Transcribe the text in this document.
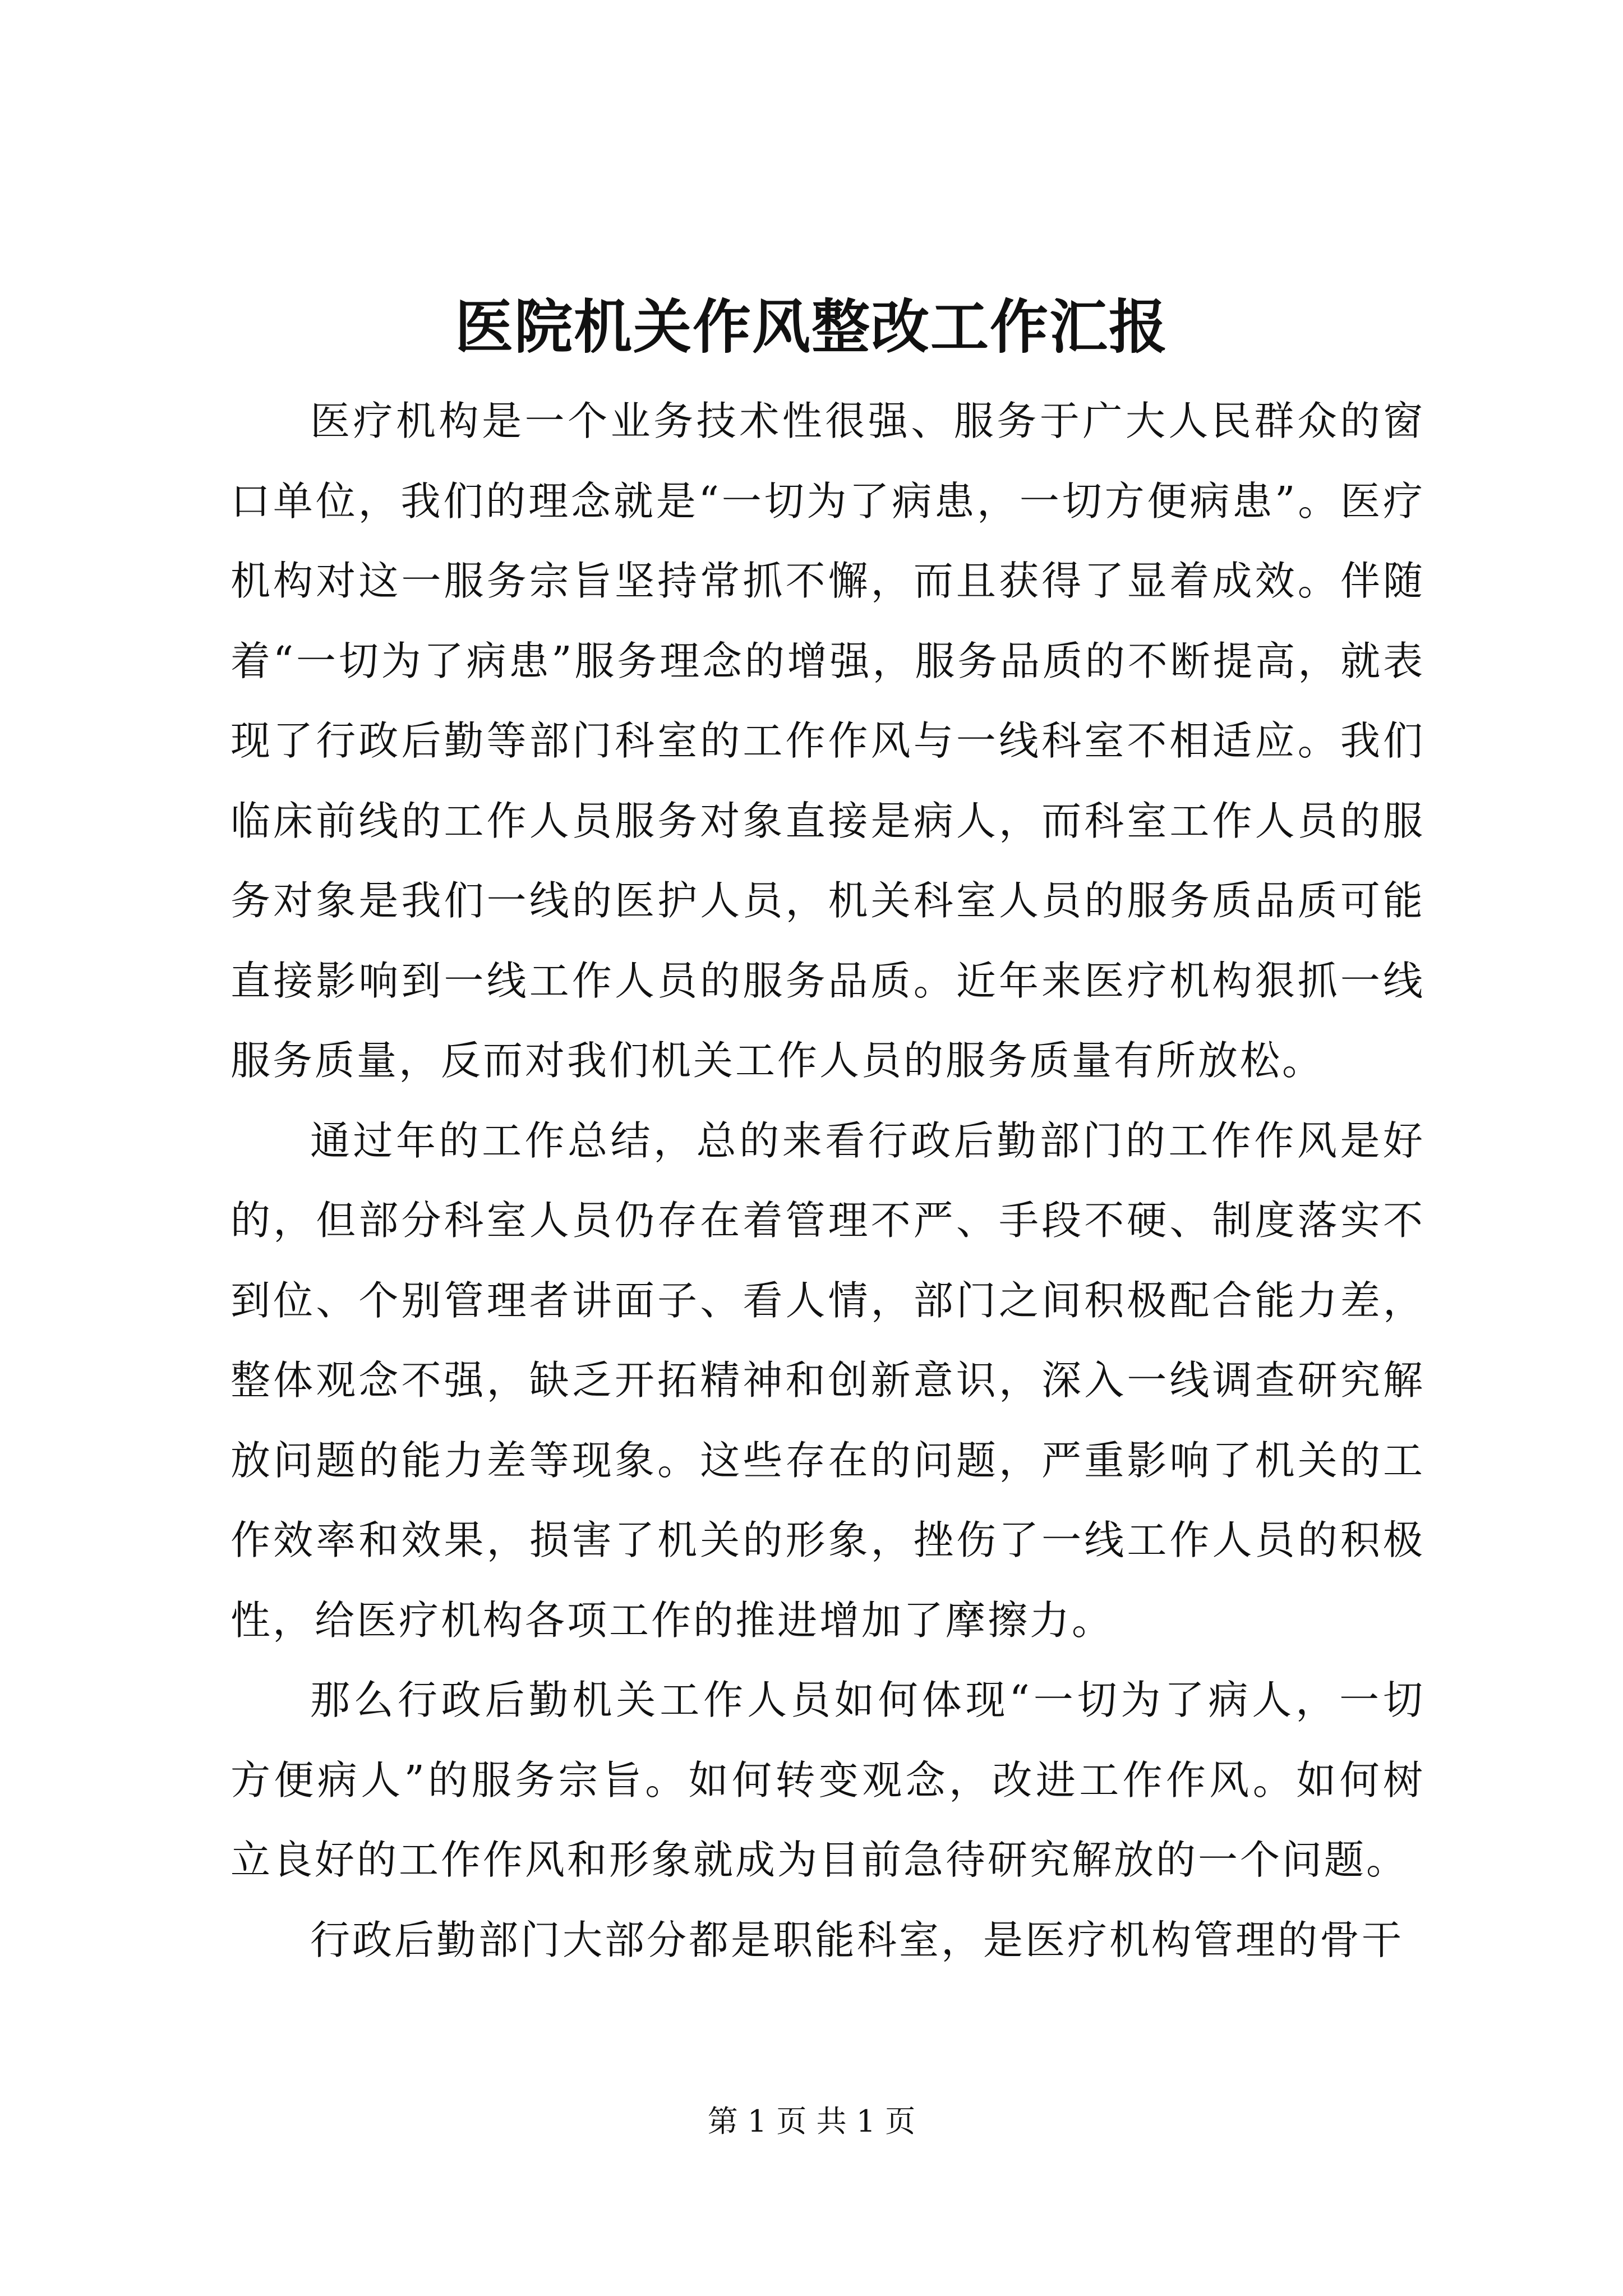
医院机关作风整改工作汇报

医疗机构是一个业务技术性很强、服务于广大人民群众的窗口单位，我们的理念就是“一切为了病患，一切方便病患”。医疗机构对这一服务宗旨坚持常抓不懈，而且获得了显着成效。伴随着“一切为了病患”服务理念的增强，服务品质的不断提高，就表现了行政后勤等部门科室的工作作风与一线科室不相适应。我们临床前线的工作人员服务对象直接是病人，而科室工作人员的服务对象是我们一线的医护人员，机关科室人员的服务质品质可能直接影响到一线工作人员的服务品质。近年来医疗机构狠抓一线服务质量，反而对我们机关工作人员的服务质量有所放松。

通过年的工作总结，总的来看行政后勤部门的工作作风是好的，但部分科室人员仍存在着管理不严、手段不硬、制度落实不到位、个别管理者讲面子、看人情，部门之间积极配合能力差，整体观念不强，缺乏开拓精神和创新意识，深入一线调查研究解放问题的能力差等现象。这些存在的问题，严重影响了机关的工作效率和效果，损害了机关的形象，挫伤了一线工作人员的积极性，给医疗机构各项工作的推进增加了摩擦力。

那么行政后勤机关工作人员如何体现“一切为了病人，一切方便病人”的服务宗旨。如何转变观念，改进工作作风。如何树立良好的工作作风和形象就成为目前急待研究解放的一个问题。

行政后勤部门大部分都是职能科室，是医疗机构管理的骨干

第 1 页 共 1 页
